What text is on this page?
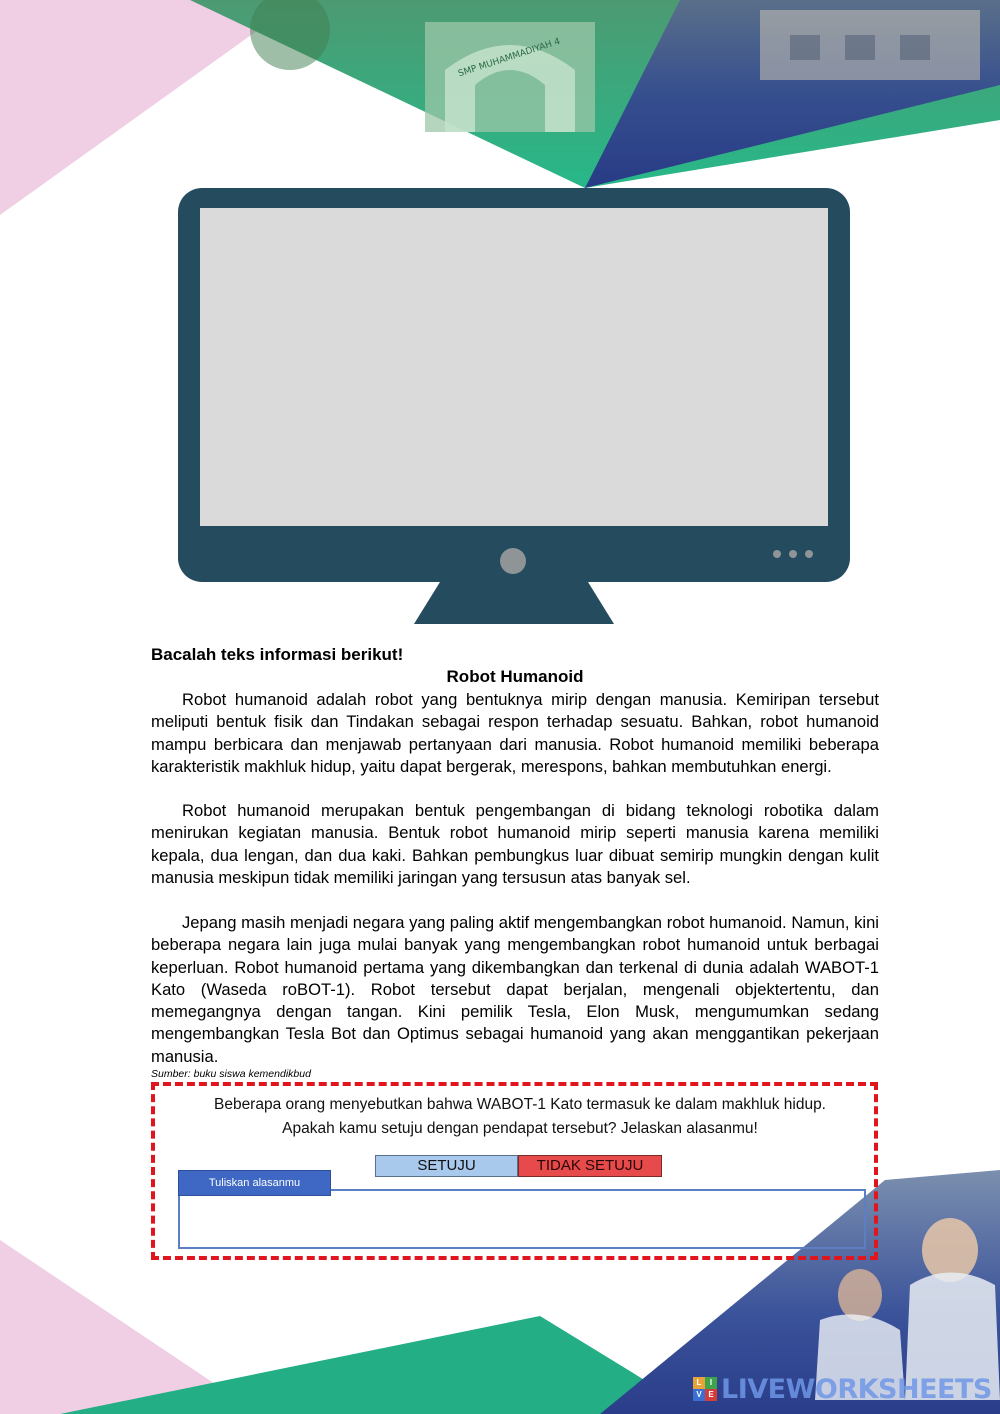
SMP MUHAMMADIYAH 4
Bacalah teks informasi berikut!
Robot Humanoid
Robot humanoid adalah robot yang bentuknya mirip dengan manusia. Kemiripan tersebut meliputi bentuk fisik dan Tindakan sebagai respon terhadap sesuatu. Bahkan, robot humanoid mampu berbicara dan menjawab pertanyaan dari manusia. Robot humanoid memiliki beberapa karakteristik makhluk hidup, yaitu dapat bergerak, merespons, bahkan membutuhkan energi.
Robot humanoid merupakan bentuk pengembangan di bidang teknologi robotika dalam menirukan kegiatan manusia. Bentuk robot humanoid mirip seperti manusia karena memiliki kepala, dua lengan, dan dua kaki. Bahkan pembungkus luar dibuat semirip mungkin dengan kulit manusia meskipun tidak memiliki jaringan yang tersusun atas banyak sel.
Jepang masih menjadi negara yang paling aktif mengembangkan robot humanoid. Namun, kini beberapa negara lain juga mulai banyak yang mengembangkan robot humanoid untuk berbagai keperluan. Robot humanoid pertama yang dikembangkan dan terkenal di dunia adalah WABOT-1 Kato (Waseda roBOT-1). Robot tersebut dapat berjalan, mengenali objektertentu, dan memegangnya dengan tangan. Kini pemilik Tesla, Elon Musk, mengumumkan sedang mengembangkan Tesla Bot dan Optimus sebagai humanoid yang akan menggantikan pekerjaan manusia.
Sumber: buku siswa kemendikbud
Beberapa orang menyebutkan bahwa WABOT-1 Kato termasuk ke dalam makhluk hidup.
Apakah kamu setuju dengan pendapat tersebut? Jelaskan alasanmu!
SETUJU	TIDAK SETUJU
Tuliskan alasanmu
L	I
V E LIVEWORKSHEETS
